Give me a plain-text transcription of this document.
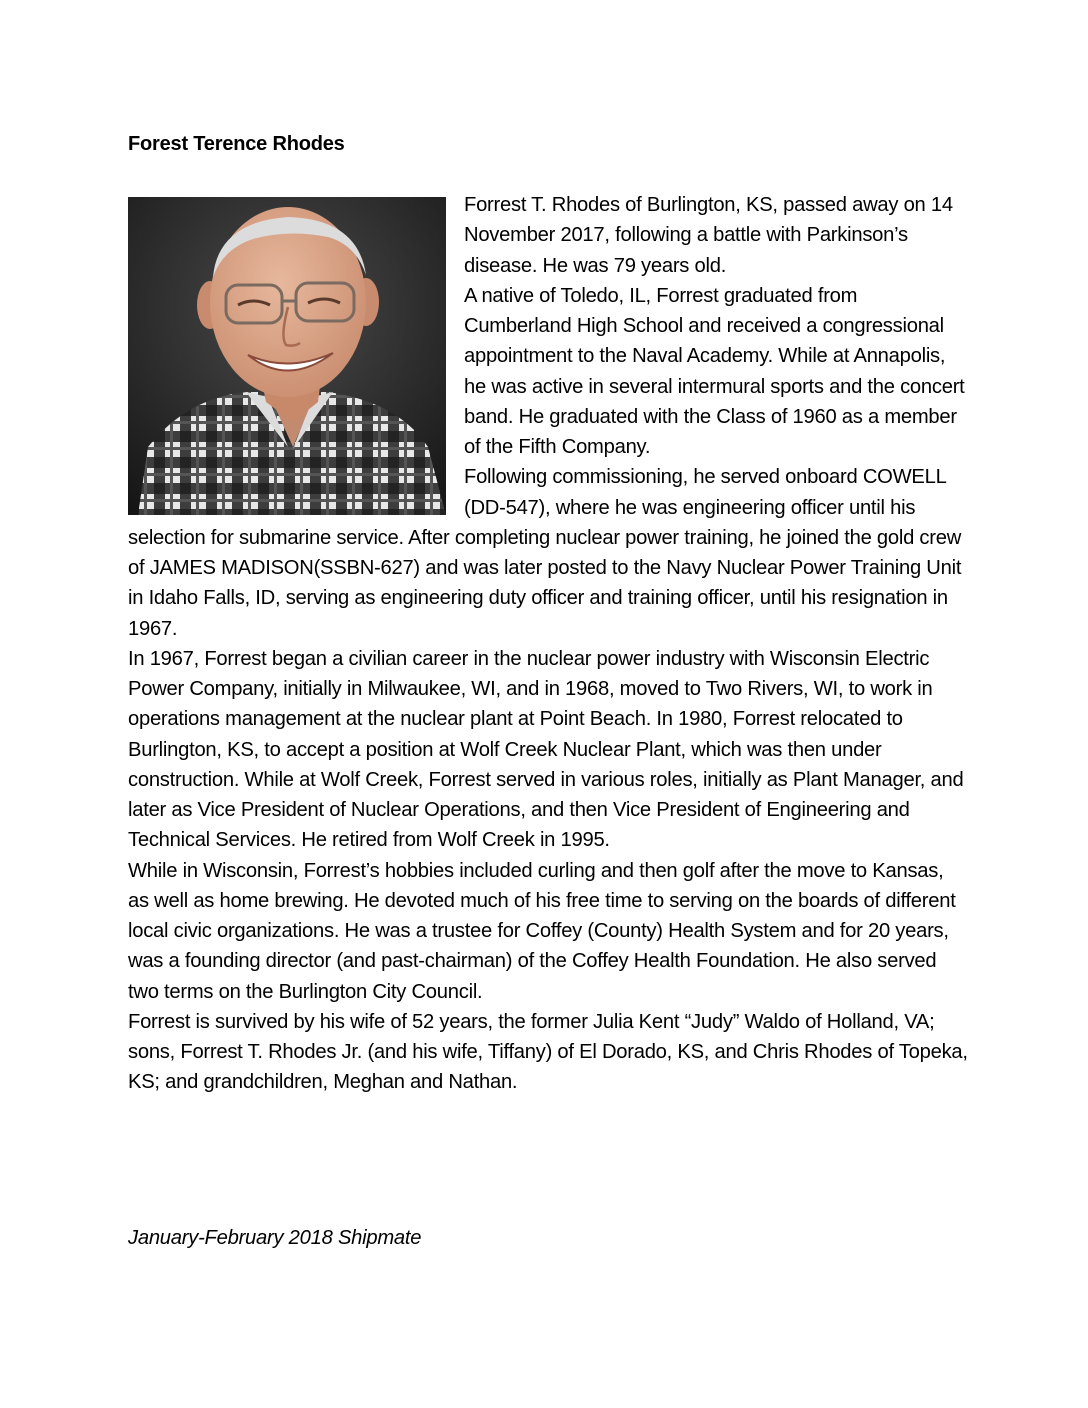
Forest Terence Rhodes

Forrest T. Rhodes of Burlington, KS, passed away on 14 November 2017, following a battle with Parkinson’s disease. He was 79 years old.

A native of Toledo, IL, Forrest graduated from Cumberland High School and received a congressional appointment to the Naval Academy. While at Annapolis, he was active in several intermural sports and the concert band. He graduated with the Class of 1960 as a member of the Fifth Company.

Following commissioning, he served onboard COWELL (DD-547), where he was engineering officer until his selection for submarine service. After completing nuclear power training, he joined the gold crew of JAMES MADISON(SSBN-627) and was later posted to the Navy Nuclear Power Training Unit in Idaho Falls, ID, serving as engineering duty officer and training officer, until his resignation in 1967.

In 1967, Forrest began a civilian career in the nuclear power industry with Wisconsin Electric Power Company, initially in Milwaukee, WI, and in 1968, moved to Two Rivers, WI, to work in operations management at the nuclear plant at Point Beach. In 1980, Forrest relocated to Burlington, KS, to accept a position at Wolf Creek Nuclear Plant, which was then under construction. While at Wolf Creek, Forrest served in various roles, initially as Plant Manager, and later as Vice President of Nuclear Operations, and then Vice President of Engineering and Technical Services. He retired from Wolf Creek in 1995.

While in Wisconsin, Forrest’s hobbies included curling and then golf after the move to Kansas, as well as home brewing. He devoted much of his free time to serving on the boards of different local civic organizations. He was a trustee for Coffey (County) Health System and for 20 years, was a founding director (and past-chairman) of the Coffey Health Foundation. He also served two terms on the Burlington City Council.

Forrest is survived by his wife of 52 years, the former Julia Kent “Judy” Waldo of Holland, VA; sons, Forrest T. Rhodes Jr. (and his wife, Tiffany) of El Dorado, KS, and Chris Rhodes of Topeka, KS; and grandchildren, Meghan and Nathan.

January-February 2018 Shipmate
